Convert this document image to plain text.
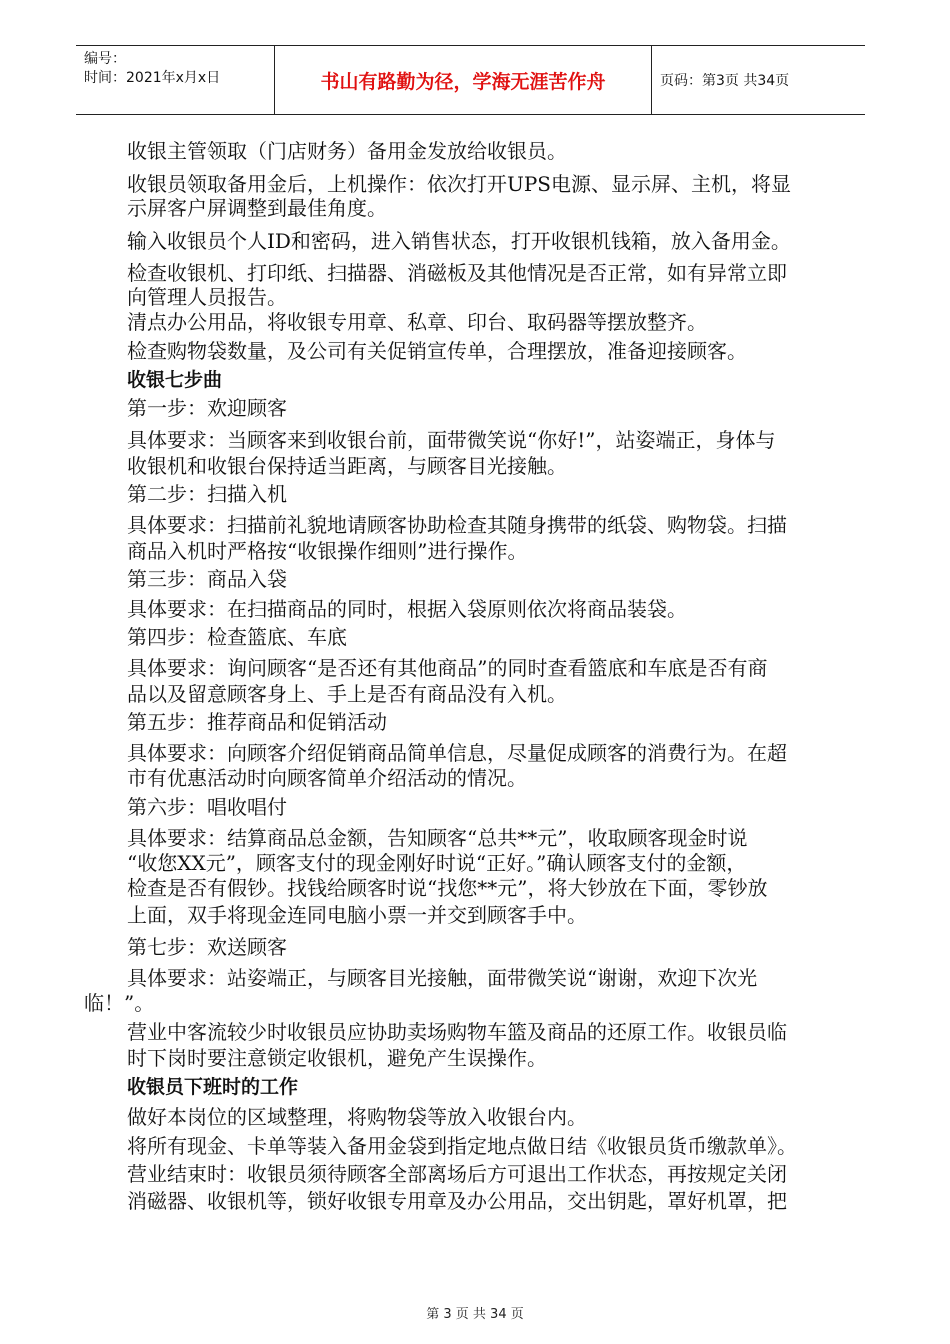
编号：
时间：2021年x月x日	书山有路勤为径，学海无涯苦作舟	页码：第3页 共34页
收银主管领取（门店财务）备用金发放给收银员。
收银员领取备用金后，上机操作：依次打开UPS电源、显示屏、主机，将显
示屏客户屏调整到最佳角度。
输入收银员个人ID和密码，进入销售状态，打开收银机钱箱，放入备用金。
检查收银机、打印纸、扫描器、消磁板及其他情况是否正常，如有异常立即
向管理人员报告。
清点办公用品，将收银专用章、私章、印台、取码器等摆放整齐。
检查购物袋数量，及公司有关促销宣传单，合理摆放，准备迎接顾客。
收银七步曲
第一步：欢迎顾客
具体要求：当顾客来到收银台前，面带微笑说“你好!”，站姿端正，身体与
收银机和收银台保持适当距离，与顾客目光接触。
第二步：扫描入机
具体要求：扫描前礼貌地请顾客协助检查其随身携带的纸袋、购物袋。扫描
商品入机时严格按“收银操作细则”进行操作。
第三步：商品入袋
具体要求：在扫描商品的同时，根据入袋原则依次将商品装袋。
第四步：检查篮底、车底
具体要求：询问顾客“是否还有其他商品”的同时查看篮底和车底是否有商
品以及留意顾客身上、手上是否有商品没有入机。
第五步：推荐商品和促销活动
具体要求：向顾客介绍促销商品简单信息，尽量促成顾客的消费行为。在超
市有优惠活动时向顾客简单介绍活动的情况。
第六步：唱收唱付
具体要求：结算商品总金额，告知顾客“总共**元”，收取顾客现金时说
“收您XX元”，顾客支付的现金刚好时说“正好。”确认顾客支付的金额，
检查是否有假钞。找钱给顾客时说“找您**元”，将大钞放在下面，零钞放
上面，双手将现金连同电脑小票一并交到顾客手中。
第七步：欢送顾客
具体要求：站姿端正，与顾客目光接触，面带微笑说“谢谢，欢迎下次光
临！”。
营业中客流较少时收银员应协助卖场购物车篮及商品的还原工作。收银员临
时下岗时要注意锁定收银机，避免产生误操作。
收银员下班时的工作
做好本岗位的区域整理，将购物袋等放入收银台内。
将所有现金、卡单等装入备用金袋到指定地点做日结《收银员货币缴款单》。
营业结束时：收银员须待顾客全部离场后方可退出工作状态，再按规定关闭
消磁器、收银机等，锁好收银专用章及办公用品，交出钥匙，罩好机罩，把
第 3 页 共 34 页
